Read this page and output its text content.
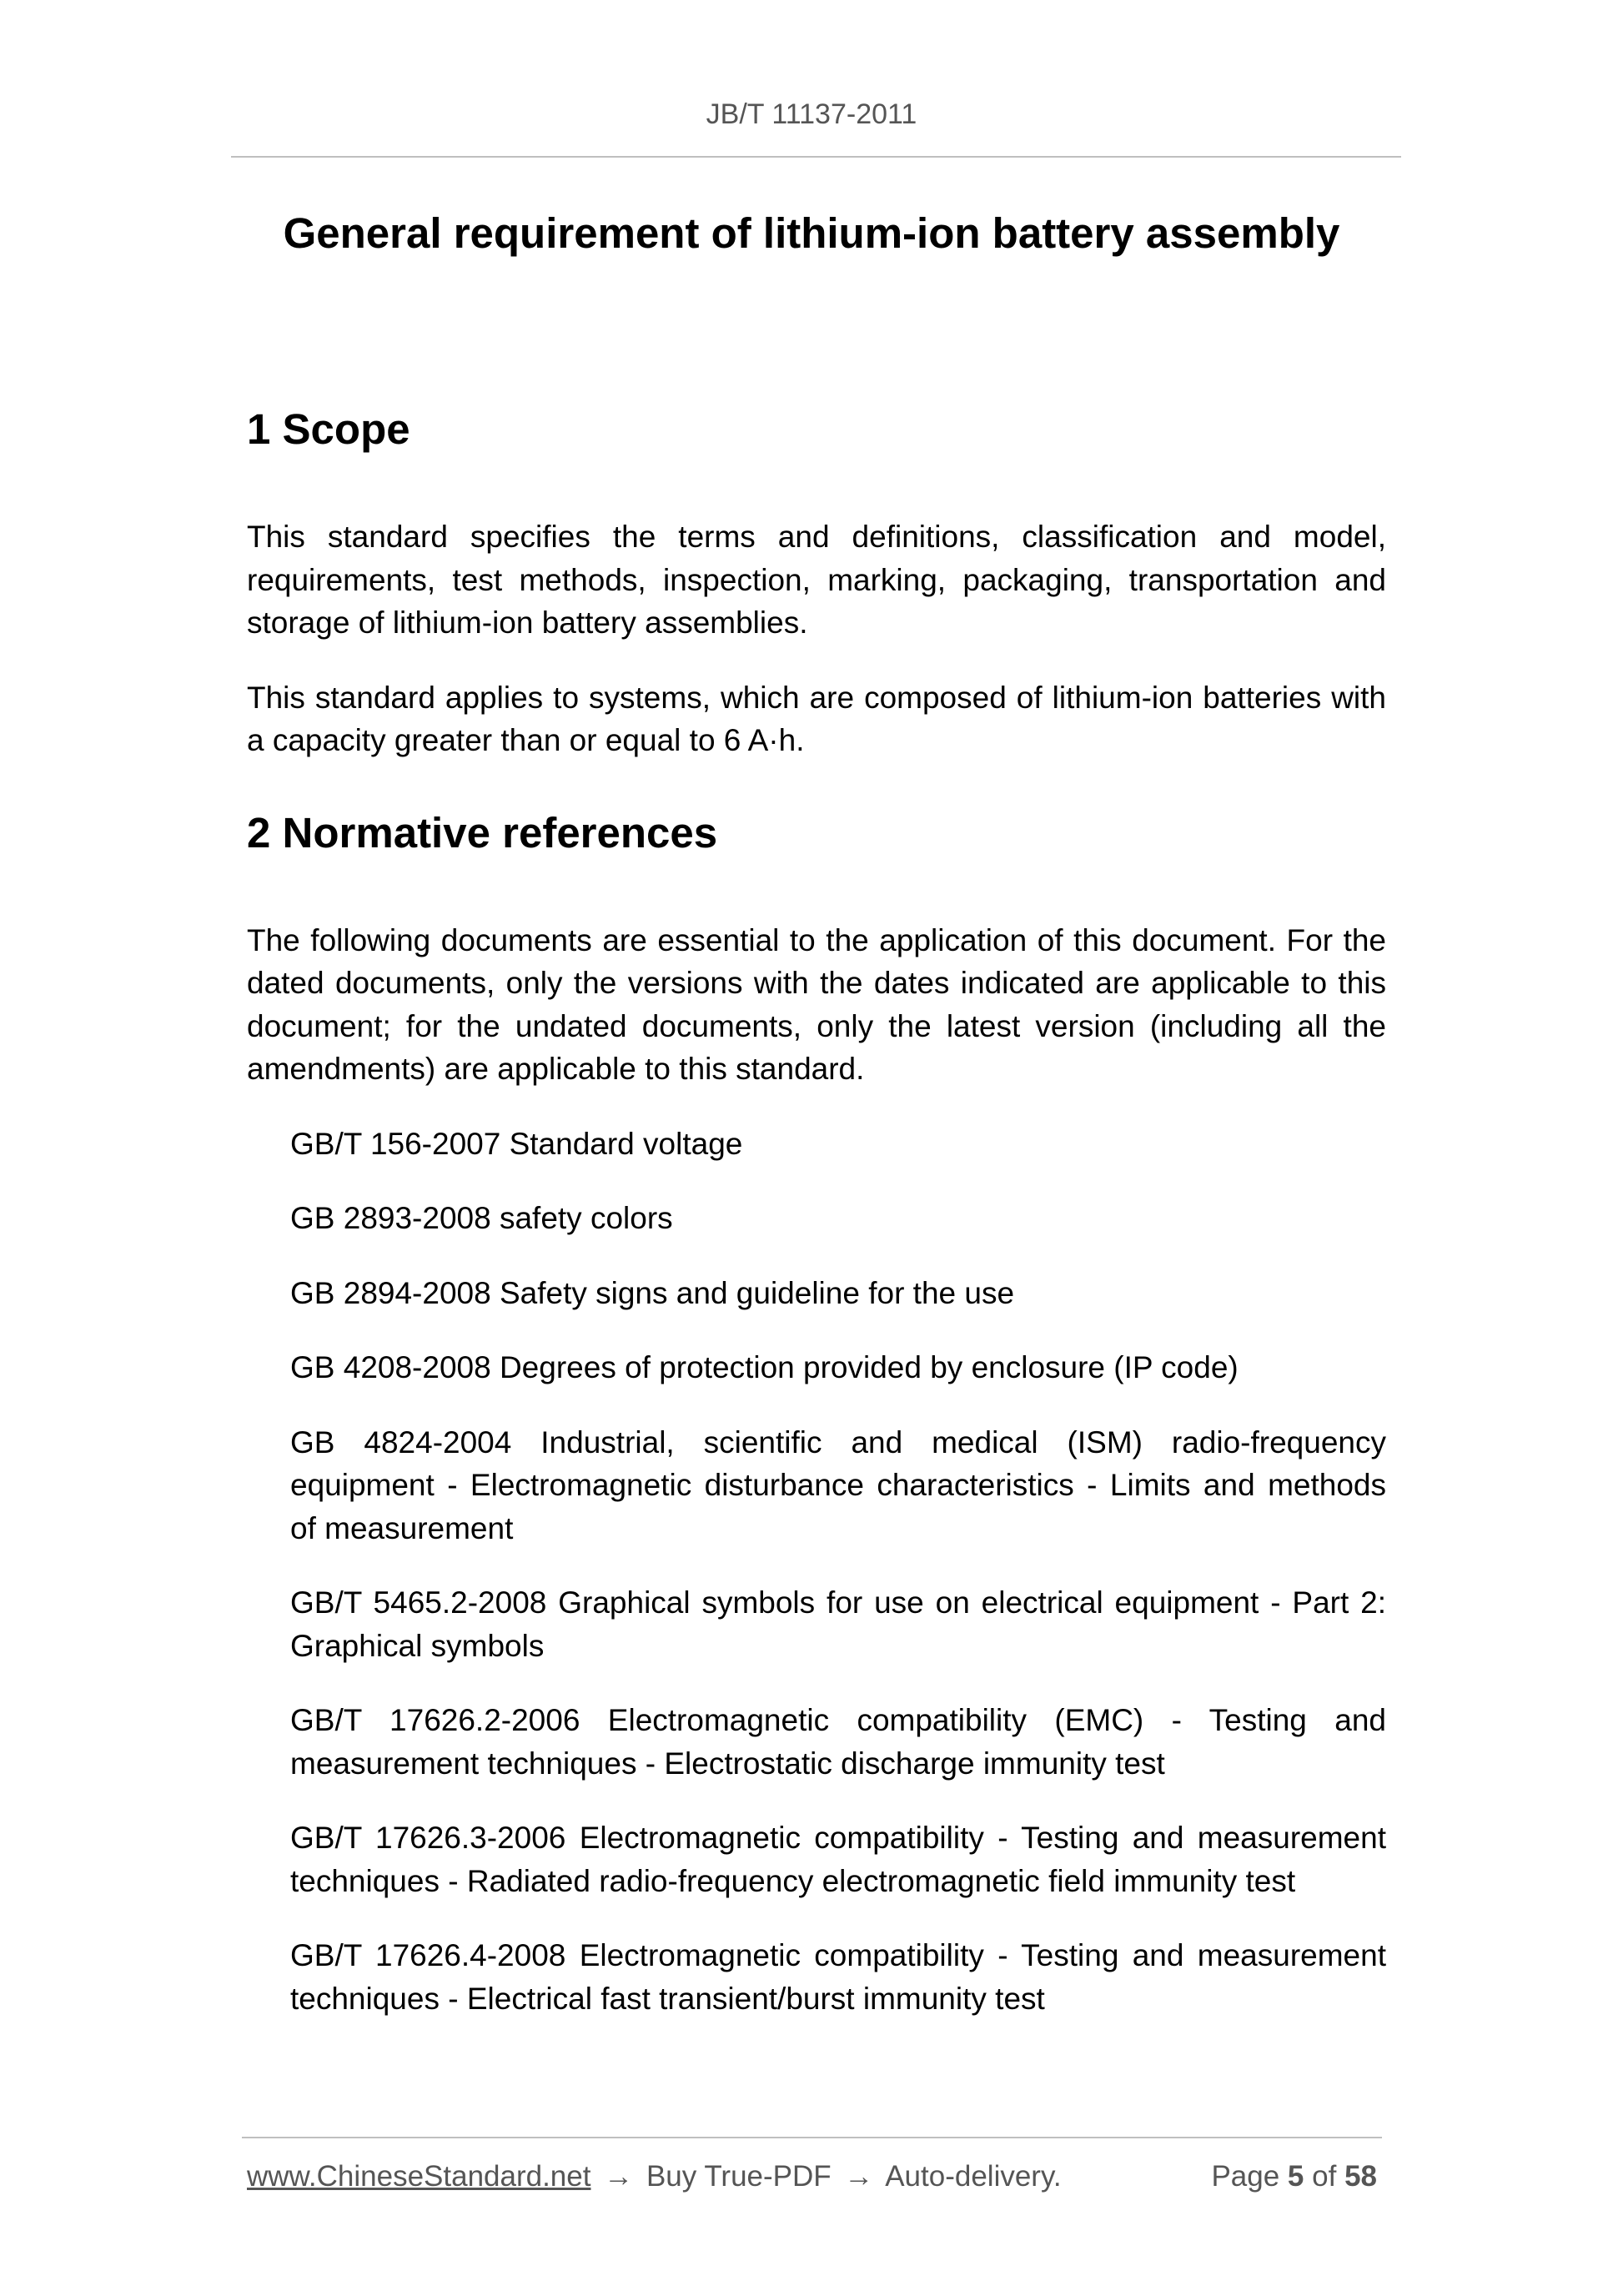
JB/T 11137-2011
General requirement of lithium-ion battery assembly
1 Scope

This standard specifies the terms and definitions, classification and model, requirements, test methods, inspection, marking, packaging, transportation and storage of lithium-ion battery assemblies.

This standard applies to systems, which are composed of lithium-ion batteries with a capacity greater than or equal to 6 A·h.

2 Normative references

The following documents are essential to the application of this document. For the dated documents, only the versions with the dates indicated are applicable to this document; for the undated documents, only the latest version (including all the amendments) are applicable to this standard.

GB/T 156-2007 Standard voltage
GB 2893-2008 safety colors
GB 2894-2008 Safety signs and guideline for the use
GB 4208-2008 Degrees of protection provided by enclosure (IP code)
GB 4824-2004 Industrial, scientific and medical (ISM) radio-frequency equipment - Electromagnetic disturbance characteristics - Limits and methods of measurement
GB/T 5465.2-2008 Graphical symbols for use on electrical equipment - Part 2: Graphical symbols
GB/T 17626.2-2006 Electromagnetic compatibility (EMC) - Testing and measurement techniques - Electrostatic discharge immunity test
GB/T 17626.3-2006 Electromagnetic compatibility - Testing and measurement techniques - Radiated radio-frequency electromagnetic field immunity test
GB/T 17626.4-2008 Electromagnetic compatibility - Testing and measurement techniques - Electrical fast transient/burst immunity test
www.ChineseStandard.net → Buy True-PDF → Auto-delivery.	Page 5 of 58
